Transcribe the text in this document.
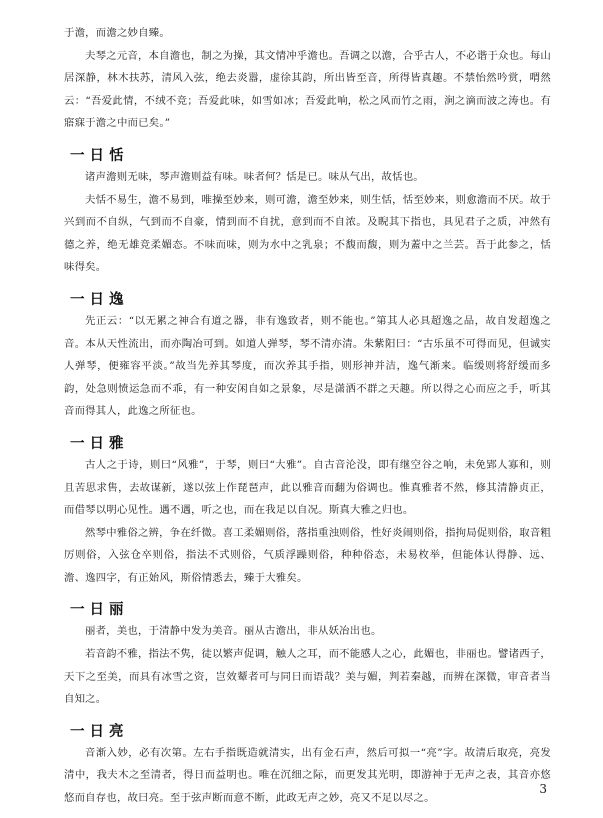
于澹，而澹之妙自臻。

夫琴之元音，本自澹也，制之为操，其文情冲乎澹也。吾调之以澹，合乎古人，不必谐于众也。每山居深静，林木扶苏，清风入弦，绝去炎嚣，虚徐其韵，所出皆至音，所得皆真趣。不禁怡然吟赏，喟然云：“吾爱此情，不绒不竞；吾爱此味，如雪如冰；吾爱此响，松之风而竹之雨，涧之滴而波之涛也。有寤寐于澹之中而已矣。”

一日恬

诸声澹则无味，琴声澹则益有味。味者何？恬是已。味从气出，故恬也。

夫恬不易生，澹不易到，唯操至妙来，则可澹，澹至妙来，则生恬，恬至妙来，则愈澹而不厌。故于兴到而不自纵，气到而不自豪，情到而不自扰，意到而不自浓。及睨其下指也，具见君子之质，冲然有德之养，绝无雄竞柔媚态。不味而味，则为水中之乳泉；不馥而馥，则为蓋中之兰芸。吾于此参之，恬味得矣。

一日逸

先正云：“以无累之神合有道之器，非有逸致者，则不能也。”第其人必具超逸之品，故自发超逸之音。本从天性流出，而亦陶冶可到。如道人弹琴，琴不清亦清。朱紫阳曰：“古乐虽不可得而见，但诚实人弹琴，便雍容平淡。”故当先养其琴度，而次养其手指，则形神并洁，逸气渐来。临缓则将舒缓而多韵，处急则愤运急而不乖，有一种安闲自如之景象，尽是潇洒不群之天趣。所以得之心而应之手，听其音而得其人，此逸之所征也。

一日雅

古人之于诗，则曰“风雅”，于琴，则曰“大雅”。自古音沦没，即有继空谷之响，未免郢人寡和，则且苦思求售，去故谋新，遂以弦上作琵琶声，此以雅音而翻为俗调也。惟真雅者不然，修其清静贞正，而借琴以明心见性。遇不遇，听之也，而在我足以自况。斯真大雅之归也。

然琴中雅俗之辨，争在纤微。喜工柔媚则俗，落指重浊则俗，性好炎闹则俗，指拘局促则俗，取音粗厉则俗，入弦仓卒则俗，指法不式则俗，气质浮躁则俗，种种俗态，未易枚举，但能体认得静、远、澹、逸四字，有正始风，斯俗情悉去，臻于大雅矣。

一日丽

丽者，美也，于清静中发为美音。丽从古澹出，非从妖冶出也。

若音韵不雅，指法不隽，徒以繁声促调，触人之耳，而不能感人之心，此媚也，非丽也。譬诸西子，天下之至美，而具有冰雪之资，岂效颦者可与同日而语哉？美与媚，判若秦越，而辨在深微，审音者当自知之。

一日亮

音渐入妙，必有次第。左右手指既造就清实，出有金石声，然后可拟一“亮”字。故清后取亮，亮发清中，我夫木之至清者，得日而益明也。唯在沉细之际，而更发其光明，即游神于无声之表，其音亦悠悠而自存也，故曰亮。至于弦声断而意不断，此政无声之妙，亮又不足以尽之。

3
